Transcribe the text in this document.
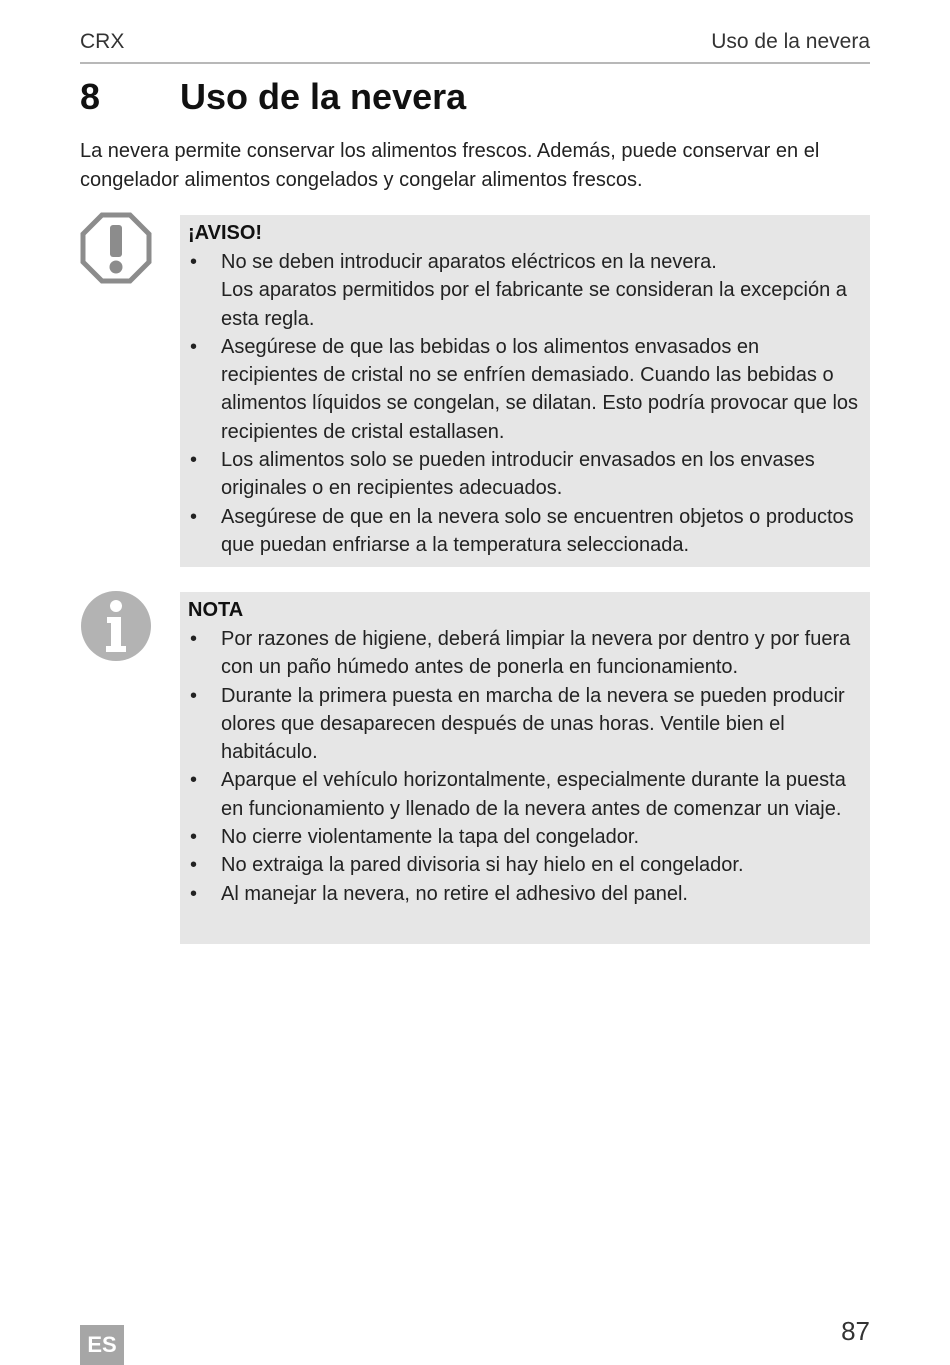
CRX	Uso de la nevera
8 Uso de la nevera

La nevera permite conservar los alimentos frescos. Además, puede conservar en el congelador alimentos congelados y congelar alimentos frescos.

¡AVISO!
• No se deben introducir aparatos eléctricos en la nevera.
Los aparatos permitidos por el fabricante se consideran la excepción a esta regla.
• Asegúrese de que las bebidas o los alimentos envasados en recipientes de cristal no se enfríen demasiado. Cuando las bebidas o alimentos líquidos se congelan, se dilatan. Esto podría provocar que los recipientes de cristal estallasen.
• Los alimentos solo se pueden introducir envasados en los envases originales o en recipientes adecuados.
• Asegúrese de que en la nevera solo se encuentren objetos o productos que puedan enfriarse a la temperatura seleccionada.
NOTA
• Por razones de higiene, deberá limpiar la nevera por dentro y por fuera con un paño húmedo antes de ponerla en funcionamiento.
• Durante la primera puesta en marcha de la nevera se pueden producir olores que desaparecen después de unas horas. Ventile bien el habitáculo.
• Aparque el vehículo horizontalmente, especialmente durante la puesta en funcionamiento y llenado de la nevera antes de comenzar un viaje.
• No cierre violentamente la tapa del congelador.
• No extraiga la pared divisoria si hay hielo en el congelador.
• Al manejar la nevera, no retire el adhesivo del panel.
ES	87
